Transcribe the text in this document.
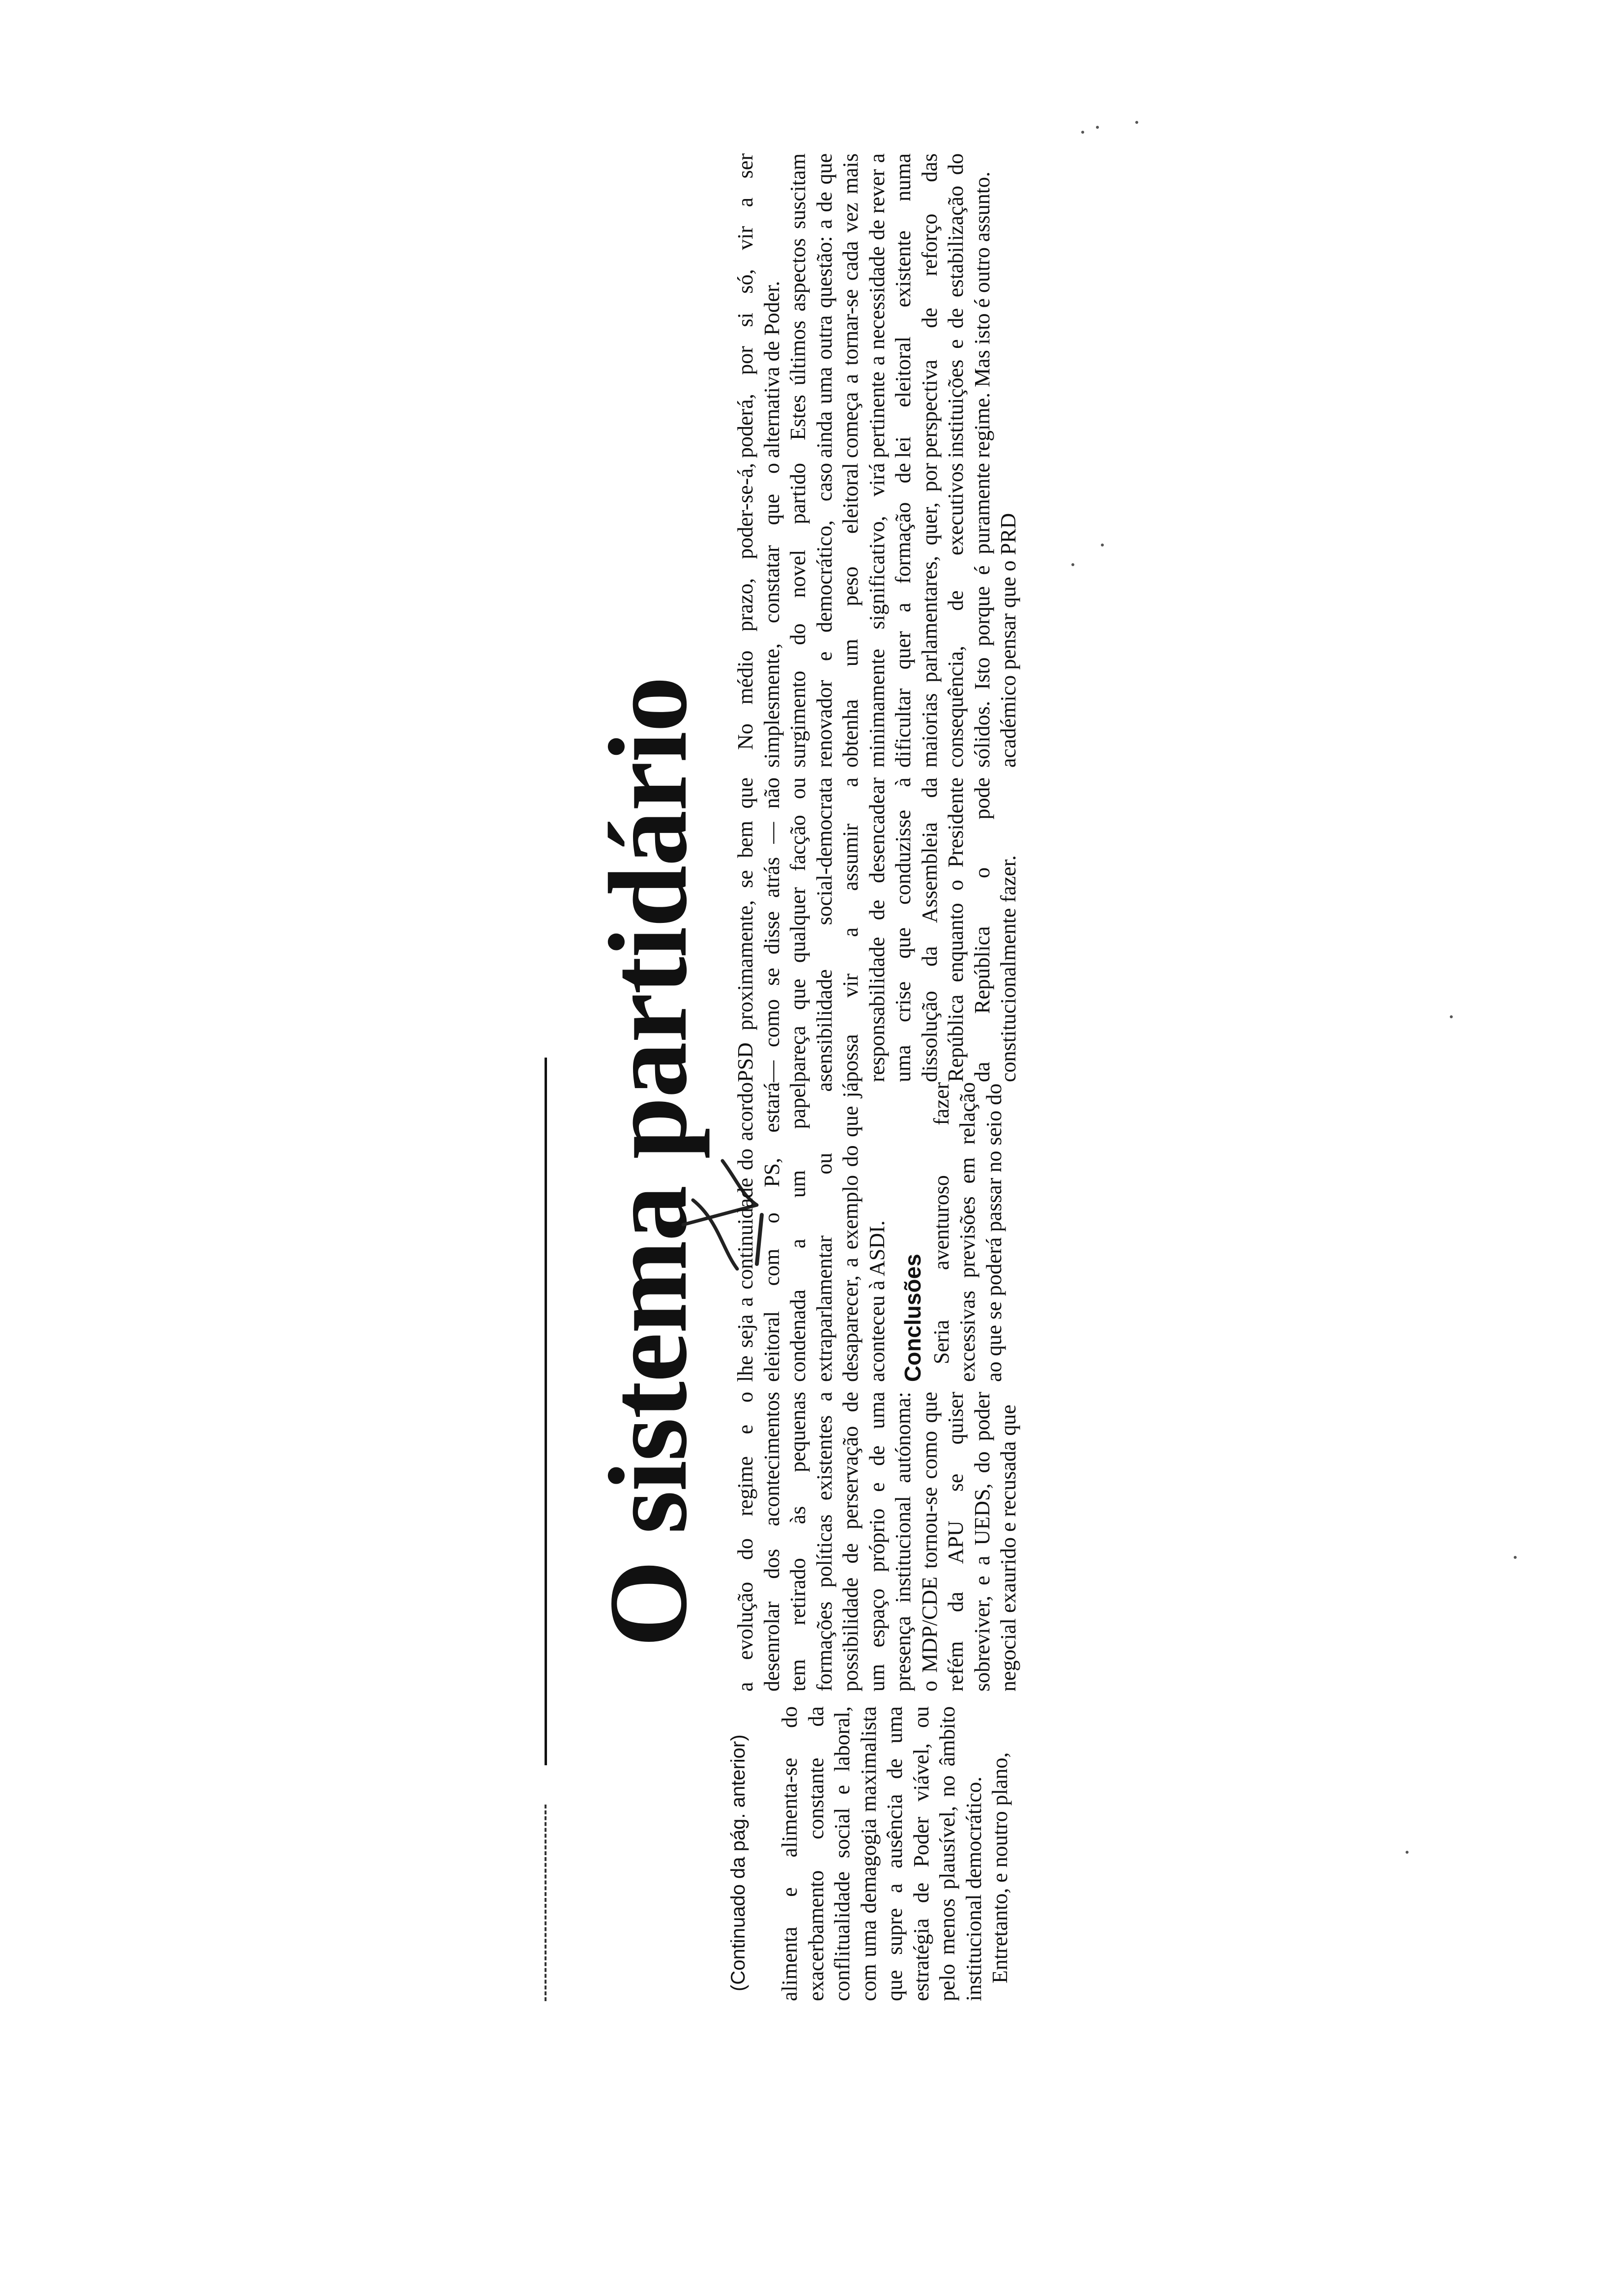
O sistema partidário
(Continuado da pág. anterior) alimenta e alimenta-se do exacerbamento constante da conflitualidade social e laboral, com uma demagogia maximalista que supre a ausência de uma estratégia de Poder viável, ou pelo menos plausível, no âmbito institucional democrático. Entretanto, e noutro plano,

a evolução do regime e o desenrolar dos acontecimentos tem retirado às pequenas formações políticas existentes a possibilidade de perservação de um espaço próprio e de uma presença institucional autónoma: o MDP/CDE tornou-se como que refém da APU se quiser sobreviver, e a UEDS, do poder negocial exaurido e recusada que

lhe seja a continuidade do acordo eleitoral com o PS, estará condenada a um papel extraparlamentar ou a desaparecer, a exemplo do que já aconteceu à ASDI. Conclusões Seria aventuroso fazer excessivas previsões em relação ao que se poderá passar no seio do

PSD proximamente, se bem que — como se disse atrás — não pareça que qualquer facção ou sensibilidade social-democrata possa vir a assumir a responsabilidade de desencadear uma crise que conduzisse à dissolução da Assembleia da República enquanto o Presidente da República o pode constitucionalmente fazer.

No médio prazo, poder-se-á, simplesmente, constatar que o surgimento do novel partido renovador e democrático, caso obtenha um peso eleitoral minimamente significativo, virá dificultar quer a formação de maiorias parlamentares, quer, por consequência, de executivos sólidos. Isto porque é puramente académico pensar que o PRD

poderá, por si só, vir a ser alternativa de Poder. Estes últimos aspectos suscitam ainda uma outra questão: a de que começa a tornar-se cada vez mais pertinente a necessidade de rever a lei eleitoral existente numa perspectiva de reforço das instituições e de estabilização do regime. Mas isto é outro assunto.
